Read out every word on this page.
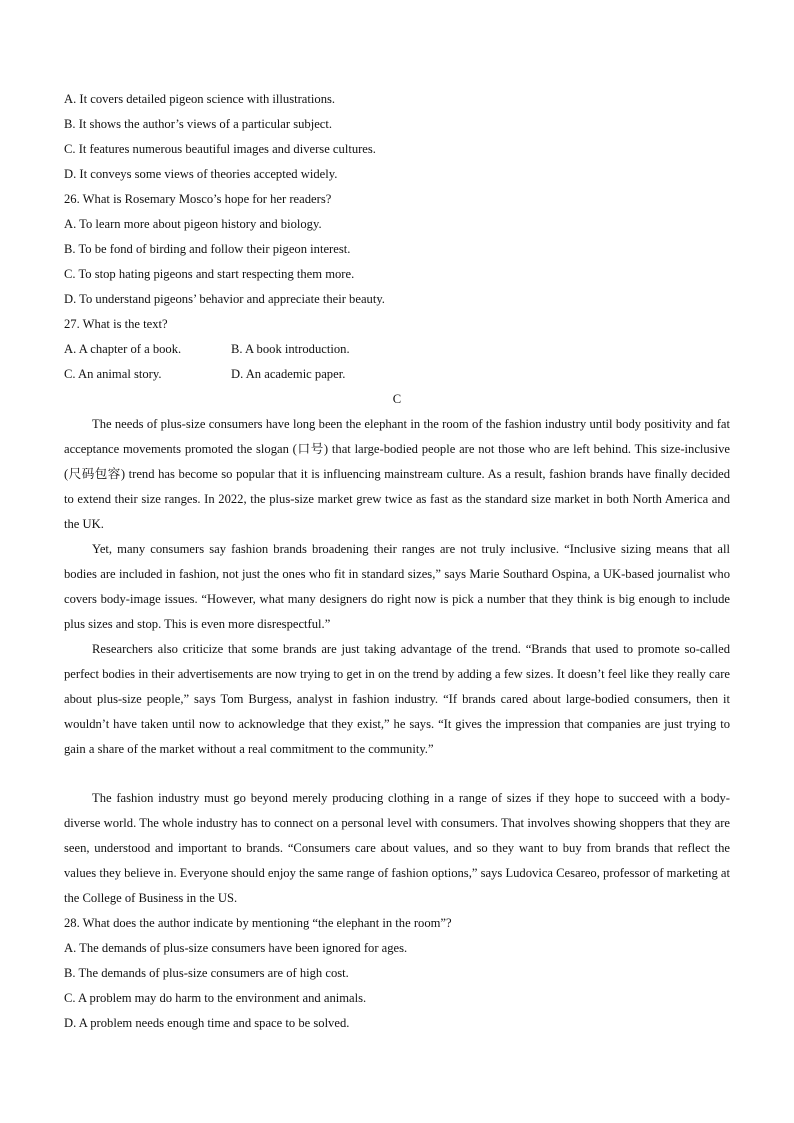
A. It covers detailed pigeon science with illustrations.
B. It shows the author’s views of a particular subject.
C. It features numerous beautiful images and diverse cultures.
D. It conveys some views of theories accepted widely.
26. What is Rosemary Mosco’s hope for her readers?
A. To learn more about pigeon history and biology.
B. To be fond of birding and follow their pigeon interest.
C. To stop hating pigeons and start respecting them more.
D. To understand pigeons’ behavior and appreciate their beauty.
27. What is the text?
A. A chapter of a book.	B. A book introduction.
C. An animal story.	D. An academic paper.
C
The needs of plus-size consumers have long been the elephant in the room of the fashion industry until body positivity and fat acceptance movements promoted the slogan (口号) that large-bodied people are not those who are left behind. This size-inclusive (尺码包容) trend has become so popular that it is influencing mainstream culture. As a result, fashion brands have finally decided to extend their size ranges. In 2022, the plus-size market grew twice as fast as the standard size market in both North America and the UK.
Yet, many consumers say fashion brands broadening their ranges are not truly inclusive. “Inclusive sizing means that all bodies are included in fashion, not just the ones who fit in standard sizes,” says Marie Southard Ospina, a UK-based journalist who covers body-image issues. “However, what many designers do right now is pick a number that they think is big enough to include plus sizes and stop. This is even more disrespectful.”
Researchers also criticize that some brands are just taking advantage of the trend. “Brands that used to promote so-called perfect bodies in their advertisements are now trying to get in on the trend by adding a few sizes. It doesn’t feel like they really care about plus-size people,” says Tom Burgess, analyst in fashion industry. “If brands cared about large-bodied consumers, then it wouldn’t have taken until now to acknowledge that they exist,” he says. “It gives the impression that companies are just trying to gain a share of the market without a real commitment to the community.”
The fashion industry must go beyond merely producing clothing in a range of sizes if they hope to succeed with a body-diverse world. The whole industry has to connect on a personal level with consumers. That involves showing shoppers that they are seen, understood and important to brands. “Consumers care about values, and so they want to buy from brands that reflect the values they believe in. Everyone should enjoy the same range of fashion options,” says Ludovica Cesareo, professor of marketing at the College of Business in the US.
28. What does the author indicate by mentioning “the elephant in the room”?
A. The demands of plus-size consumers have been ignored for ages.
B. The demands of plus-size consumers are of high cost.
C. A problem may do harm to the environment and animals.
D. A problem needs enough time and space to be solved.
